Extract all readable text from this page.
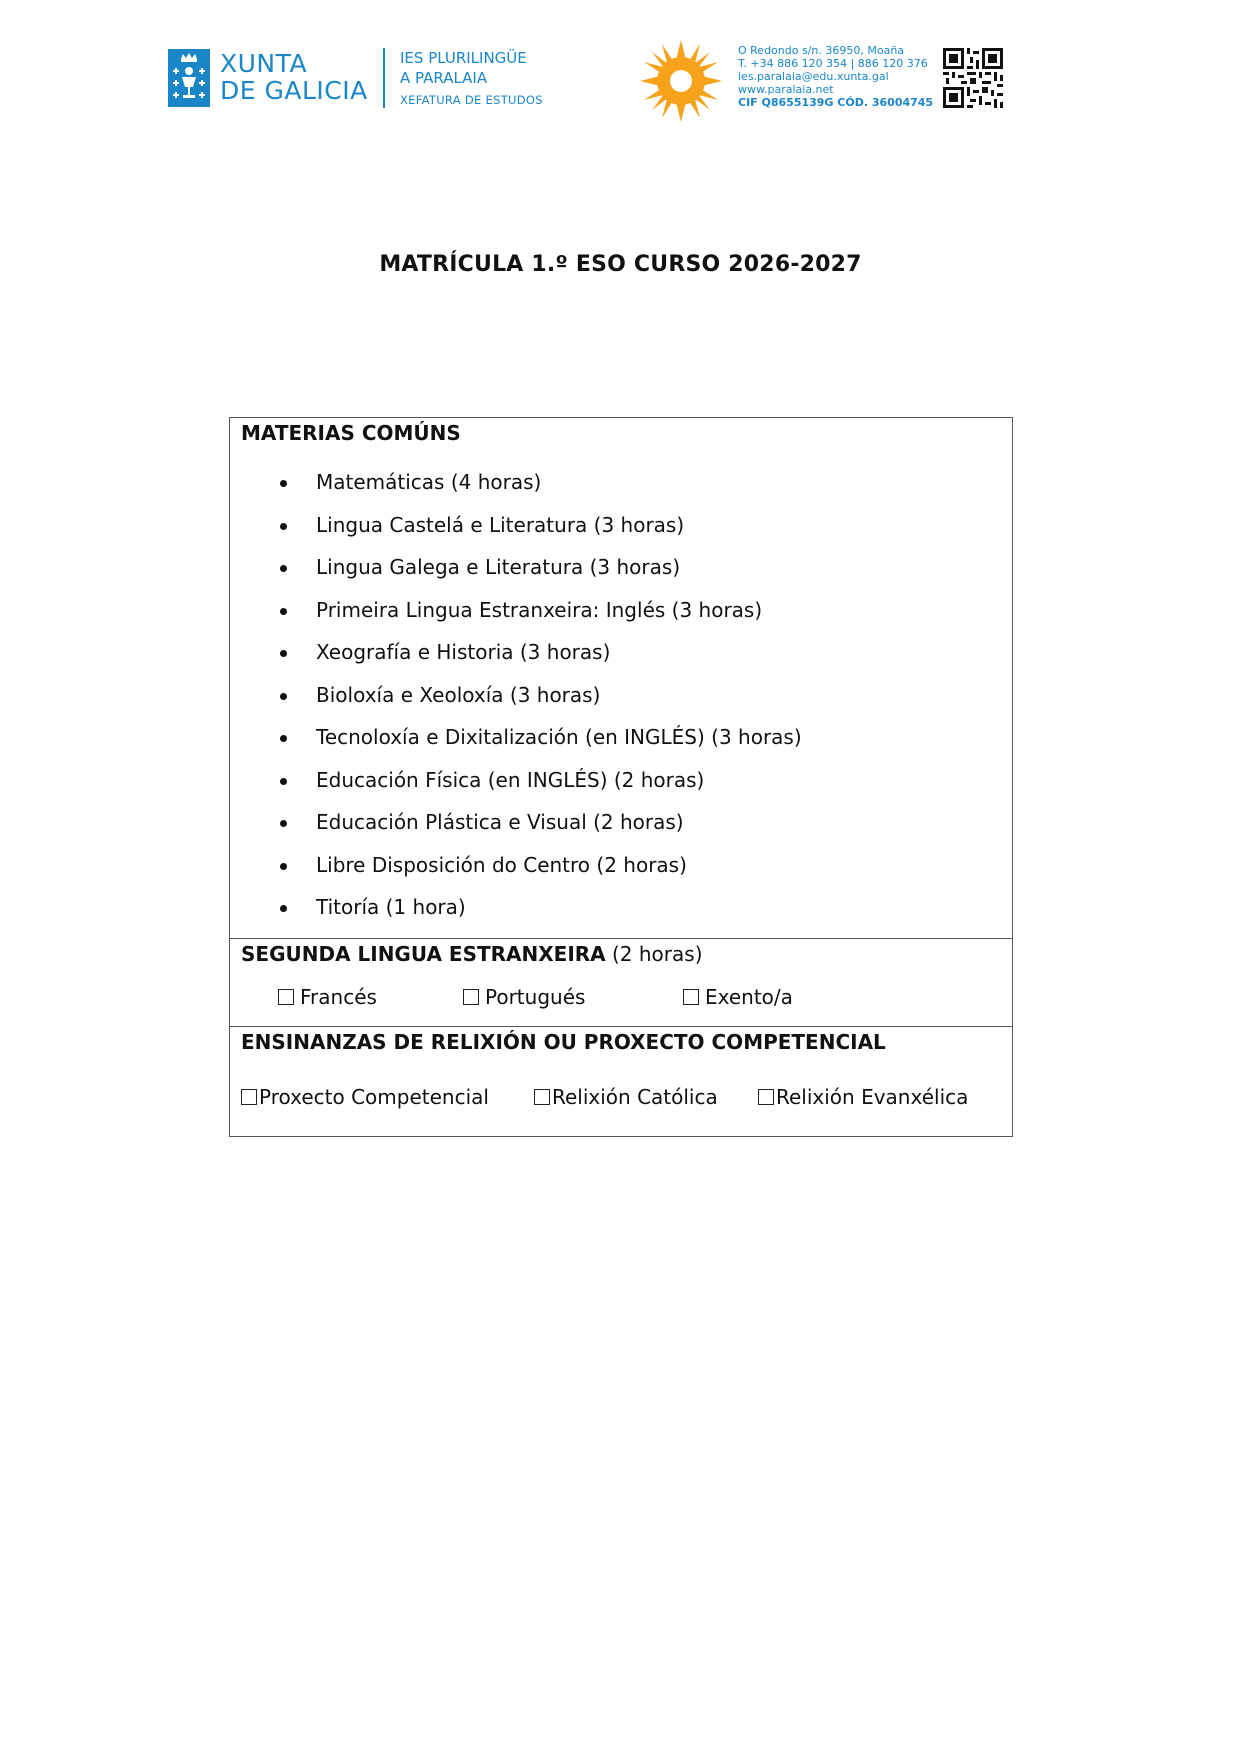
XUNTA
DE GALICIA
IES PLURILINGÜE
A PARALAIA
XEFATURA DE ESTUDOS
O Redondo s/n. 36950, Moaña
T. +34 886 120 354 | 886 120 376
ies.paralaia@edu.xunta.gal
www.paralaia.net
CIF Q8655139G CÓD. 36004745
MATRÍCULA 1.º ESO CURSO 2026-2027
MATERIAS COMÚNS
Matemáticas (4 horas)
Lingua Castelá e Literatura (3 horas)
Lingua Galega e Literatura (3 horas)
Primeira Lingua Estranxeira: Inglés (3 horas)
Xeografía e Historia (3 horas)
Bioloxía e Xeoloxía (3 horas)
Tecnoloxía e Dixitalización (en INGLÉS) (3 horas)
Educación Física (en INGLÉS) (2 horas)
Educación Plástica e Visual (2 horas)
Libre Disposición do Centro (2 horas)
Titoría (1 hora)
SEGUNDA LINGUA ESTRANXEIRA (2 horas)
Francés	Portugués	Exento/a
ENSINANZAS DE RELIXIÓN OU PROXECTO COMPETENCIAL
Proxecto Competencial	Relixión Católica	Relixión Evanxélica
